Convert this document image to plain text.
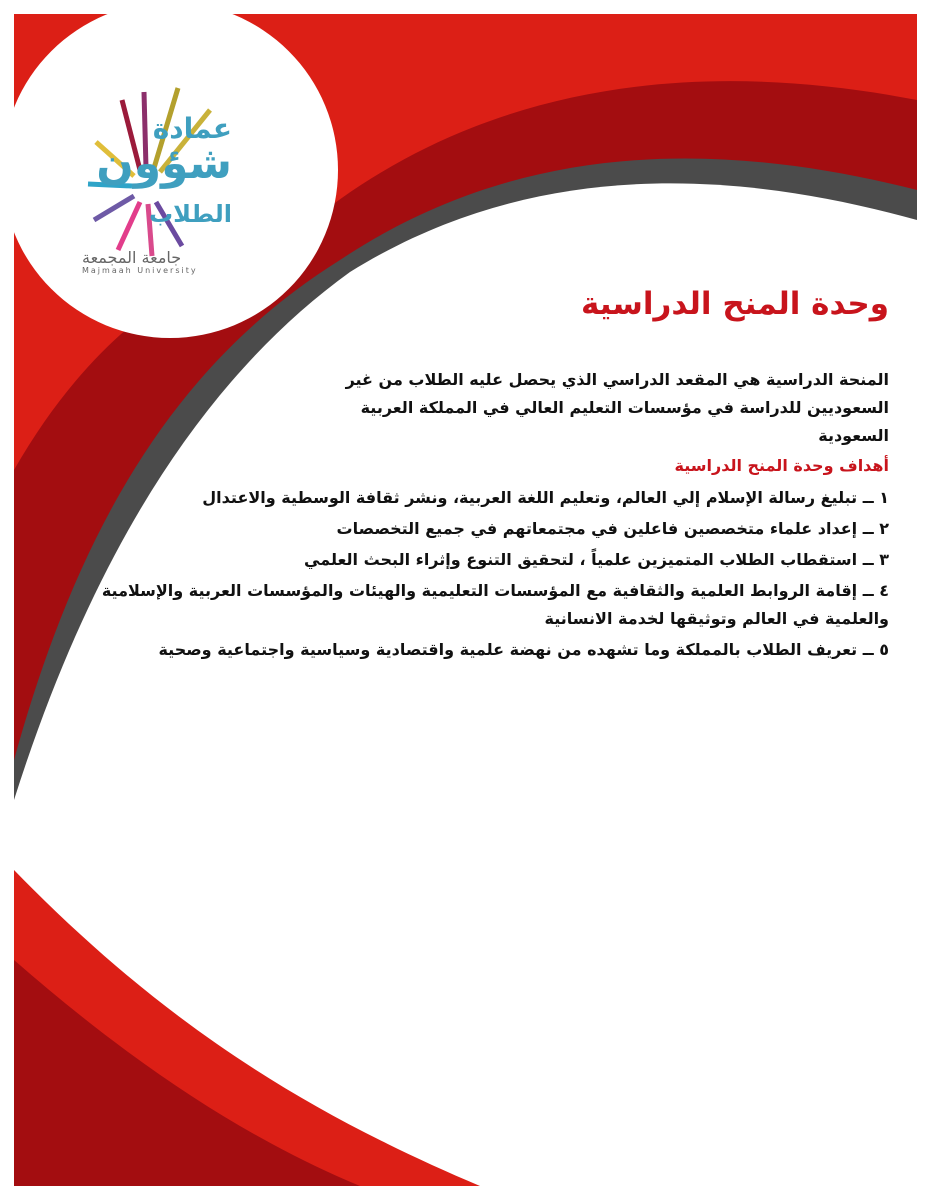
عمادة
شؤون
الطلاب
جامعة المجمعة
Majmaah University
وحدة المنح الدراسية
المنحة الدراسية هي المقعد الدراسي الذي يحصل عليه الطلاب من غير السعوديين للدراسة في مؤسسات التعليم العالي في المملكة العربية السعودية
أهداف وحدة المنح الدراسية
١ ــ تبليغ رسالة الإسلام إلي العالم، وتعليم اللغة العربية، ونشر ثقافة الوسطية والاعتدال
٢ ــ إعداد علماء متخصصين فاعلين في مجتمعاتهم في جميع التخصصات
٣ ــ استقطاب الطلاب المتميزين علمياً ، لتحقيق التنوع وإثراء البحث العلمي
٤ ــ إقامة الروابط العلمية والثقافية مع المؤسسات التعليمية والهيئات والمؤسسات العربية والإسلامية والعلمية في العالم وتوثيقها لخدمة الانسانية
٥ ــ تعريف الطلاب بالمملكة وما تشهده من نهضة علمية واقتصادية وسياسية واجتماعية وصحية
